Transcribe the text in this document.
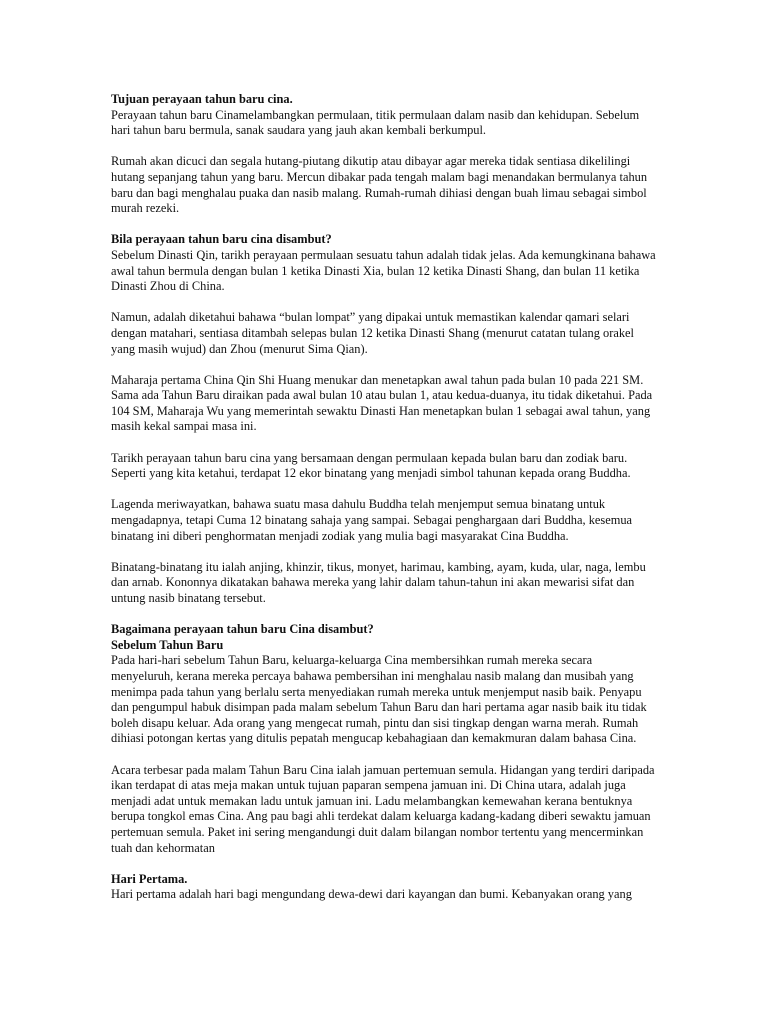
Tujuan perayaan tahun baru cina.

Perayaan tahun baru Cinamelambangkan permulaan, titik permulaan dalam nasib dan kehidupan. Sebelum hari tahun baru bermula, sanak saudara yang jauh akan kembali berkumpul.

Rumah akan dicuci dan segala hutang-piutang dikutip atau dibayar agar mereka tidak sentiasa dikelilingi hutang sepanjang tahun yang baru. Mercun dibakar pada tengah malam bagi menandakan bermulanya tahun baru dan bagi menghalau puaka dan nasib malang. Rumah-rumah dihiasi dengan buah limau sebagai simbol murah rezeki.

Bila perayaan tahun baru cina disambut?

Sebelum Dinasti Qin, tarikh perayaan permulaan sesuatu tahun adalah tidak jelas. Ada kemungkinana bahawa awal tahun bermula dengan bulan 1 ketika Dinasti Xia, bulan 12 ketika Dinasti Shang, dan bulan 11 ketika Dinasti Zhou di China.

Namun, adalah diketahui bahawa “bulan lompat” yang dipakai untuk memastikan kalendar qamari selari dengan matahari, sentiasa ditambah selepas bulan 12 ketika Dinasti Shang (menurut catatan tulang orakel yang masih wujud) dan Zhou (menurut Sima Qian).

Maharaja pertama China Qin Shi Huang menukar dan menetapkan awal tahun pada bulan 10 pada 221 SM. Sama ada Tahun Baru diraikan pada awal bulan 10 atau bulan 1, atau kedua-duanya, itu tidak diketahui. Pada 104 SM, Maharaja Wu yang memerintah sewaktu Dinasti Han menetapkan bulan 1 sebagai awal tahun, yang masih kekal sampai masa ini.

Tarikh perayaan tahun baru cina yang bersamaan dengan permulaan kepada bulan baru dan zodiak baru. Seperti yang kita ketahui, terdapat 12 ekor binatang yang menjadi simbol tahunan kepada orang Buddha.

Lagenda meriwayatkan, bahawa suatu masa dahulu Buddha telah menjemput semua binatang untuk mengadapnya, tetapi Cuma 12 binatang sahaja yang sampai. Sebagai penghargaan dari Buddha, kesemua binatang ini diberi penghormatan menjadi zodiak yang mulia bagi masyarakat Cina Buddha.

Binatang-binatang itu ialah anjing, khinzir, tikus, monyet, harimau, kambing, ayam, kuda, ular, naga, lembu dan arnab. Kononnya dikatakan bahawa mereka yang lahir dalam tahun-tahun ini akan mewarisi sifat dan untung nasib binatang tersebut.

Bagaimana perayaan tahun baru Cina disambut?

Sebelum Tahun Baru

Pada hari-hari sebelum Tahun Baru, keluarga-keluarga Cina membersihkan rumah mereka secara menyeluruh, kerana mereka percaya bahawa pembersihan ini menghalau nasib malang dan musibah yang menimpa pada tahun yang berlalu serta menyediakan rumah mereka untuk menjemput nasib baik. Penyapu dan pengumpul habuk disimpan pada malam sebelum Tahun Baru dan hari pertama agar nasib baik itu tidak boleh disapu keluar. Ada orang yang mengecat rumah, pintu dan sisi tingkap dengan warna merah. Rumah dihiasi potongan kertas yang ditulis pepatah mengucap kebahagiaan dan kemakmuran dalam bahasa Cina.

Acara terbesar pada malam Tahun Baru Cina ialah jamuan pertemuan semula. Hidangan yang terdiri daripada ikan terdapat di atas meja makan untuk tujuan paparan sempena jamuan ini. Di China utara, adalah juga menjadi adat untuk memakan ladu untuk jamuan ini. Ladu melambangkan kemewahan kerana bentuknya berupa tongkol emas Cina. Ang pau bagi ahli terdekat dalam keluarga kadang-kadang diberi sewaktu jamuan pertemuan semula. Paket ini sering mengandungi duit dalam bilangan nombor tertentu yang mencerminkan tuah dan kehormatan

Hari Pertama.

Hari pertama adalah hari bagi mengundang dewa-dewi dari kayangan dan bumi. Kebanyakan orang yang
